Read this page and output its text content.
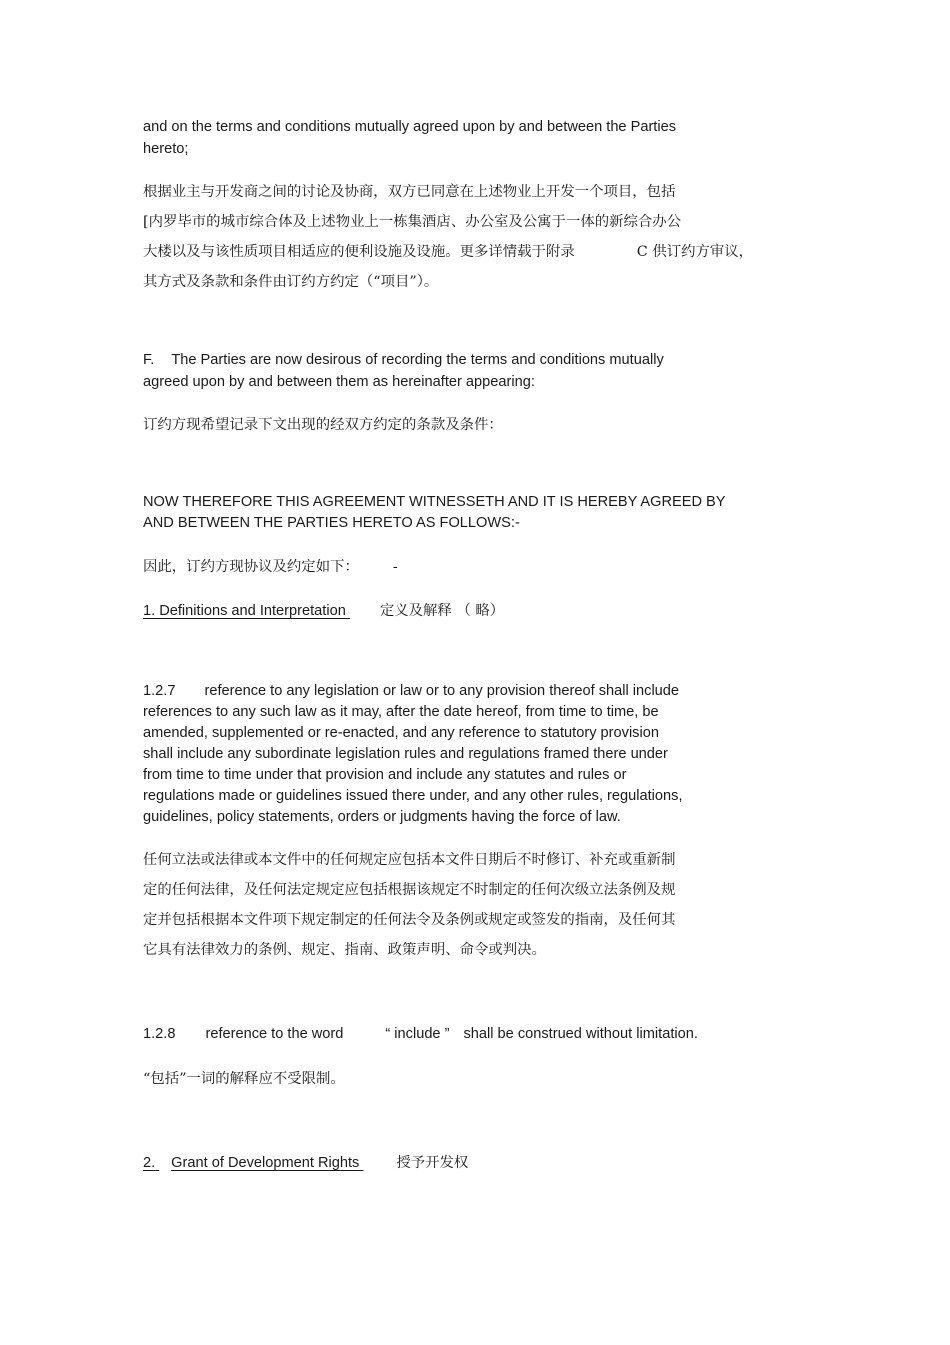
and on the terms and conditions mutually agreed upon by and between the Parties
hereto;
根据业主与开发商之间的讨论及协商，双方已同意在上述物业上开发一个项目，包括
[内罗毕市的城市综合体及上述物业上一栋集酒店、办公室及公寓于一体的新综合办公
大楼以及与该性质项目相适应的便利设施及设施。更多详情载于附录	C 供订约方审议，
其方式及条款和条件由订约方约定（“项目”）。
F. The Parties are now desirous of recording the terms and conditions mutually
agreed upon by and between them as hereinafter appearing:
订约方现希望记录下文出现的经双方约定的条款及条件：
NOW THEREFORE THIS AGREEMENT WITNESSETH AND IT IS HEREBY AGREED BY
AND BETWEEN THE PARTIES HERETO AS FOLLOWS:-
因此，订约方现协议及约定如下： -
1. Definitions and Interpretation 定义及解释 （ 略）
1.2.7 reference to any legislation or law or to any provision thereof shall include
references to any such law as it may, after the date hereof, from time to time, be
amended, supplemented or re-enacted, and any reference to statutory provision
shall include any subordinate legislation rules and regulations framed there under
from time to time under that provision and include any statutes and rules or
regulations made or guidelines issued there under, and any other rules, regulations,
guidelines, policy statements, orders or judgments having the force of law.
任何立法或法律或本文件中的任何规定应包括本文件日期后不时修订、补充或重新制
定的任何法律，及任何法定规定应包括根据该规定不时制定的任何次级立法条例及规
定并包括根据本文件项下规定制定的任何法令及条例或规定或签发的指南，及任何其
它具有法律效力的条例、规定、指南、政策声明、命令或判决。
1.2.8 reference to the word	“ include ” shall be construed without limitation.
“包括”一词的解释应不受限制。
2. Grant of Development Rights	授予开发权
